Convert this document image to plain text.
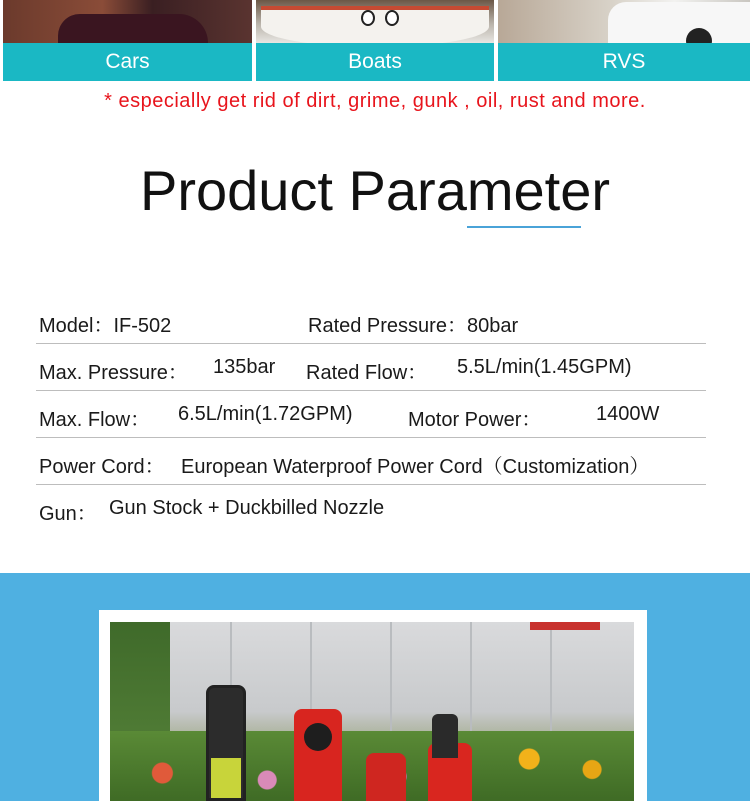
Cars	Boats	RVS
* especially get rid of dirt, grime, gunk , oil, rust and more.
Product Parameter
Model：IF-502	Rated Pressure：80bar
Max. Pressure： 135bar Rated Flow： 5.5L/min(1.45GPM)
Max. Flow： 6.5L/min(1.72GPM)	Motor Power：	1400W
Power Cord： European Waterproof Power Cord（Customization）
Gun： Gun Stock + Duckbilled Nozzle
